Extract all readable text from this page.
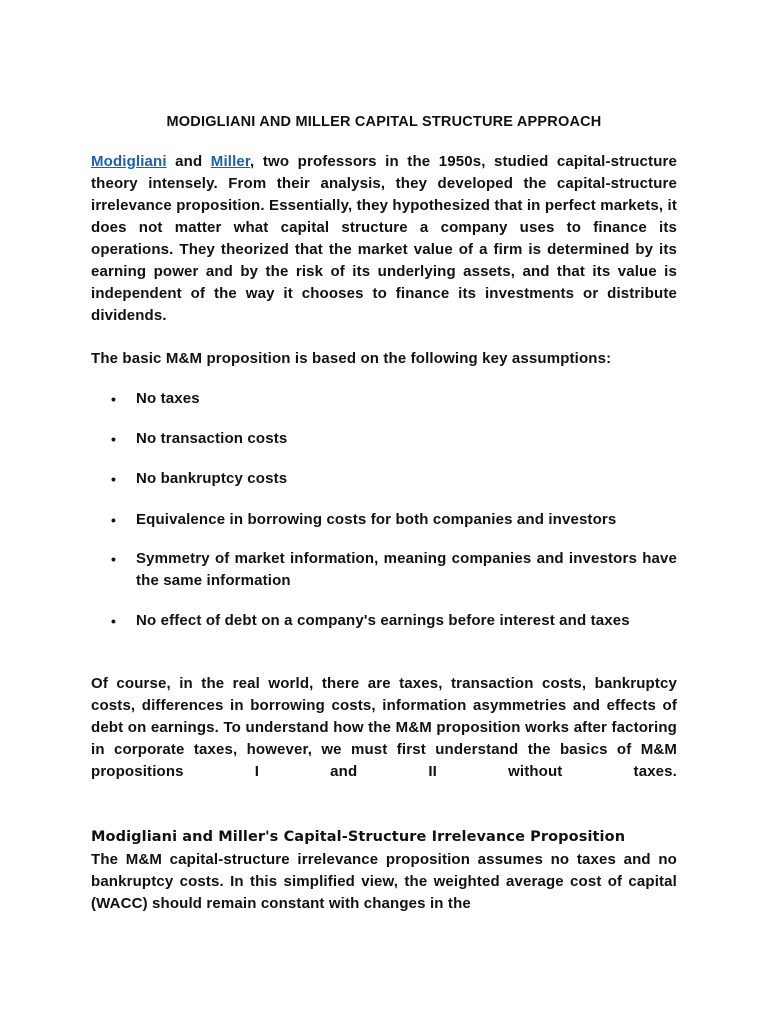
MODIGLIANI AND MILLER CAPITAL STRUCTURE APPROACH
Modigliani and Miller, two professors in the 1950s, studied capital-structure theory intensely. From their analysis, they developed the capital-structure irrelevance proposition. Essentially, they hypothesized that in perfect markets, it does not matter what capital structure a company uses to finance its operations. They theorized that the market value of a firm is determined by its earning power and by the risk of its underlying assets, and that its value is independent of the way it chooses to finance its investments or distribute dividends.
The basic M&M proposition is based on the following key assumptions:
•	No taxes
•	No transaction costs
•	No bankruptcy costs
•	Equivalence in borrowing costs for both companies and investors
•	Symmetry of market information, meaning companies and investors have the same information
•	No effect of debt on a company's earnings before interest and taxes
Of course, in the real world, there are taxes, transaction costs, bankruptcy costs, differences in borrowing costs, information asymmetries and effects of debt on earnings. To understand how the M&M proposition works after factoring in corporate taxes, however, we must first understand the basics of M&M propositions I and II without taxes.
Modigliani and Miller's Capital-Structure Irrelevance Proposition
The M&M capital-structure irrelevance proposition assumes no taxes and no bankruptcy costs. In this simplified view, the weighted average cost of capital (WACC) should remain constant with changes in the
